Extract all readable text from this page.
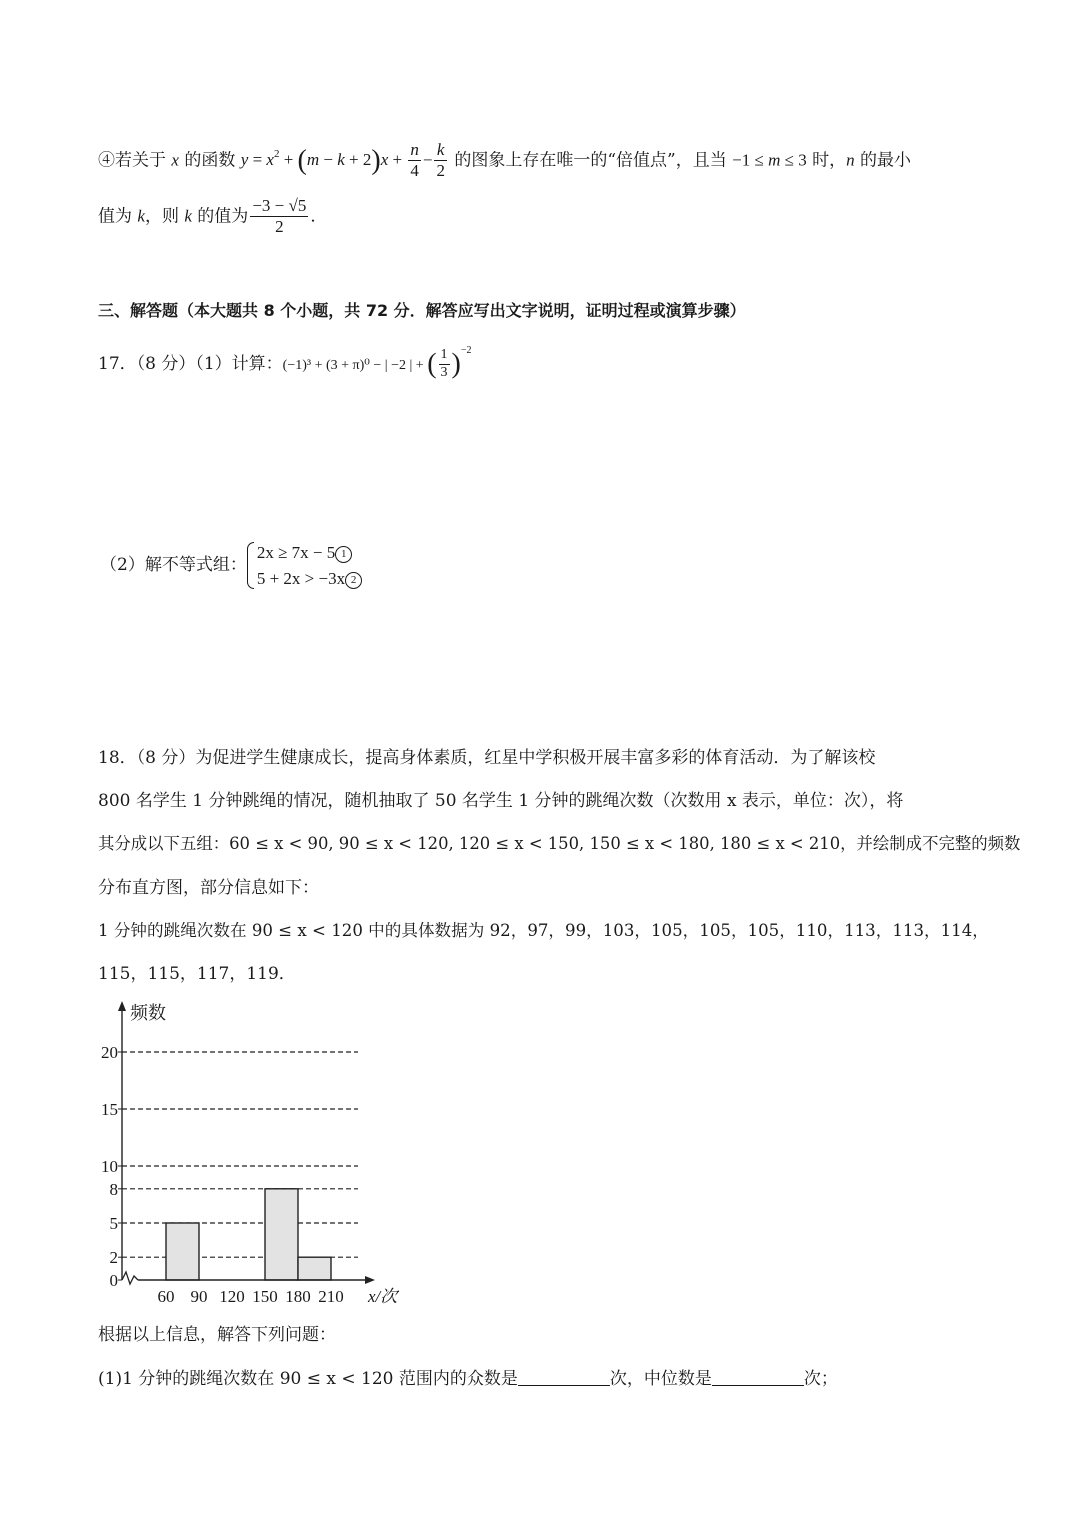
④若关于 x 的函数 $y = x^2 + (m - k + 2)x + \frac{n}{4} - \frac{k}{2}$ 的图象上存在唯一的“倍值点”，且当 −1 ≤ m ≤ 3 时，n 的最小
值为 k，则 k 的值为 $\frac{-3 - √5}{2}$ ．
三、解答题（本大题共 8 个小题，共 72 分．解答应写出文字说明，证明过程或演算步骤）
17．（8 分）（1）计算：(−1)³ + (3 + π)⁰ − | −2 | + ( $\frac{1}{3} )^{-2}$
（2）解不等式组：
2x ≥ 7x − 5 1
5 + 2x > −3x 2
18．（8 分）为促进学生健康成长，提高身体素质，红星中学积极开展丰富多彩的体育活动．为了解该校
800 名学生 1 分钟跳绳的情况，随机抽取了 50 名学生 1 分钟的跳绳次数（次数用 x 表示，单位：次），将
其分成以下五组：60 ≤ x < 90, 90 ≤ x < 120, 120 ≤ x < 150, 150 ≤ x < 180, 180 ≤ x < 210，并绘制成不完整的频数
分布直方图，部分信息如下：
1 分钟的跳绳次数在 90 ≤ x < 120 中的具体数据为 92，97，99，103，105，105，105，110，113，113，114，
115，115，117，119．
0
2
5
8
10
15
20
60 90 120 150 180 210
频数
x/次
根据以上信息，解答下列问题：
(1)1 分钟的跳绳次数在 90 ≤ x < 120 范围内的众数是	次，中位数是	次；
